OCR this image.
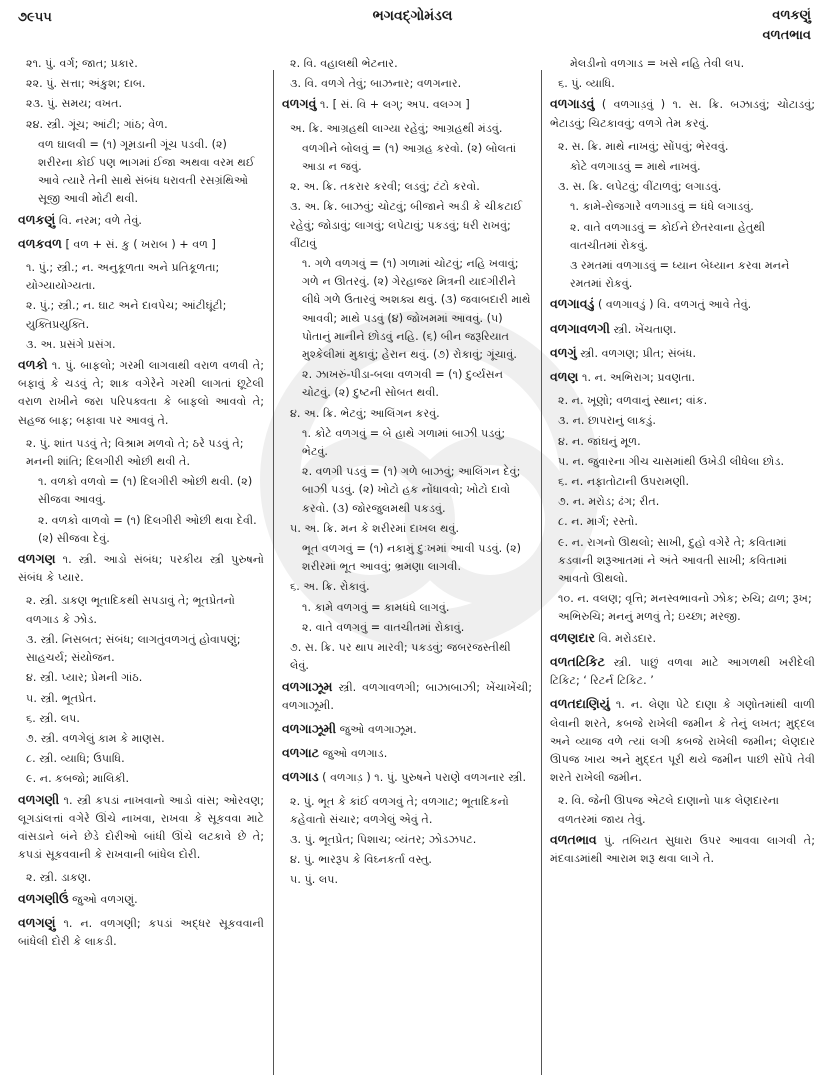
૭૯૫૫	ભગવદ્ગોમંડલ	વળકણું
વળતભાવ

૨૧. પું. વર્ગ; જાત; પ્રકાર.

૨૨. પું. સત્તા; અંકુશ; દાબ.

૨૩. પું. સમય; વખત.

૨૪. સ્ત્રી. ગૂંચ; આંટી; ગાંઠ; વેળ.

વળ ઘાલવી = (૧) ગૂમડાની ગૂંચ પડવી. (૨) શરીરના કોઈ પણ ભાગમાં ઈજા અથવા વરમ થઈ આવે ત્યારે તેની સાથે સંબંધ ધરાવતી રસગ્રંથિઓ સૂજી આવી મોટી થવી.

વળકણું વિ. નરમ; વળે તેવું.

વળકવળ [ વળ + સં. કુ ( ખરાબ ) + વળ ]

૧. પું.; સ્ત્રી.; ન. અનુકૂળતા અને પ્રતિકૂળતા; યોગ્યાયોગ્યતા.

૨. પું.; સ્ત્રી.; ન. ઘાટ અને દાવપેચ; આંટીઘૂંટી; યુક્તિપ્રયુક્તિ.

૩. અ. પ્રસંગે પ્રસંગ.

વળકો ૧. પું. બાફલો; ગરમી લાગવાથી વરાળ વળવી તે; બફાવું કે ચડવું તે; શાક વગેરેને ગરમી લાગતાં છૂટેલી વરાળ રાખીને જરા પરિપક્વતા કે બાફલો આવવો તે; સહજ બાફ; બફાવા પર આવવું તે.

૨. પું. શાંત પડવું તે; વિશ્રામ મળવો તે; ઠરે પડવું તે; મનની શાંતિ; દિલગીરી ઓછી થવી તે.

૧. વળકો વળવો = (૧) દિલગીરી ઓછી થવી. (૨) સીજવા આવવું.

૨. વળકો વાળવો = (૧) દિલગીરી ઓછી થવા દેવી. (૨) સીજવા દેવું.

વળગણ ૧. સ્ત્રી. આડો સંબંધ; પરકીય સ્ત્રી પુરુષનો સંબંધ કે પ્યાર.

૨. સ્ત્રી. ડાકણ ભૂતાદિકથી સપડાવું તે; ભૂતપ્રેતનો વળગાડ કે ઝોડ.

૩. સ્ત્રી. નિસબત; સંબંધ; લાગતુંવળગતું હોવાપણું; સાહચર્ય; સંયોજન.

૪. સ્ત્રી. પ્યાર; પ્રેમની ગાંઠ.

૫. સ્ત્રી. ભૂતપ્રેત.

૬. સ્ત્રી. લપ.

૭. સ્ત્રી. વળગેલું કામ કે માણસ.

૮. સ્ત્રી. વ્યાધિ; ઉપાધિ.

૯. ન. કબજો; માલિકી.

વળગણી ૧. સ્ત્રી કપડાં નાખવાનો આડો વાંસ; ઓરવણ; લૂગડાંલત્તાં વગેરે ઊંચે નાખવા, રાખવા કે સૂકવવા માટે વાંસડાને બંને છેડે દોરીઓ બાંધી ઊંચે લટકાવે છે તે; કપડાં સૂકવવાની કે રાખવાની બાંધેલ દોરી.

૨. સ્ત્રી. ડાકણ.

વળગણીઉં જુઓ વળગણું.

વળગણું ૧. ન. વળગણી; કપડાં અદ્ધર સૂકવવાની બાંધેલી દોરી કે લાકડી.

૨. વિ. વહાલથી ભેટનાર.

૩. વિ. વળગે તેવું; બાઝનાર; વળગનાર.

વળગવું ૧. [ સં. વિ + લગ્; અપ. વલગ્ગ ]

અ. ક્રિ. આગ્રહથી લાગ્યા રહેવું; આગ્રહથી મંડવું.

વળગીને બોલવું = (૧) આગ્રહ કરવો. (૨) બોલતાં આડા ન જવું.

૨. અ. ક્રિ. તકરાર કરવી; લડવું; ટંટો કરવો.

૩. અ. ક્રિ. બાઝવું; ચોટવું; બીજાને અડી કે ચીકટાઈ રહેવું; જોડાવું; લાગવું; લપેટાવું; પકડવું; ધરી રાખવું; વીંટાવું

૧. ગળે વળગવું = (૧) ગળામાં ચોટવું; નહિ ખવાવું; ગળે ન ઊતરવું. (૨) ગેરહાજર મિત્રની યાદગીરીને લીધે ગળે ઉતારવું અશક્ય થવું. (૩) જવાબદારી માથે આવવી; માથે પડવું (૪) જોખમમાં આવવું. (૫) પોતાનું માનીને છોડવું નહિ. (૬) બીન જરૂરિયાત મુશ્કેલીમાં મુકાવું; હેરાન થવું. (૭) રોકાવું; ગૂંચાવું.

૨. ઝાખરું-પીડા-બલા વળગવી = (૧) દુર્વ્યસન ચોટવું. (૨) દુષ્ટની સોબત થવી.

૪. અ. ક્રિ. ભેટવું; આલિંગન કરવું.

૧. કોટે વળગવું = બે હાથે ગળામાં બાઝી પડવું; ભેટવું.

૨. વળગી પડવું = (૧) ગળે બાઝવું; આલિંગન દેવું; બાઝી પડવું. (૨) ખોટો હક નોંધાવવો; ખોટો દાવો કરવો. (૩) જોરજુલમથી પકડવું.

૫. અ. ક્રિ. મન કે શરીરમાં દાખલ થવું.

ભૂત વળગવું = (૧) નકામું દુઃખમાં આવી પડવું. (૨) શરીરમાં ભૂત આવવું; ભ્રમણા લાગવી.

૬. અ. ક્રિ. રોકાવું.

૧. કામે વળગવું = કામધંધે લાગવું.

૨. વાતે વળગવું = વાતચીતમાં રોકાવું.

૭. સ. ક્રિ. પર થાપ મારવી; પકડવું; જબરજસ્તીથી લેવું.

વળગાઝૂમ સ્ત્રી. વળગાવળગી; બાઝાબાઝી; ખેંચાખેંચી; વળગાઝૂમી.

વળગાઝૂમી જુઓ વળગાઝૂમ.

વળગાટ જુઓ વળગાડ.

વળગાડ ( વળગાડ઼ ) ૧. પું. પુરુષને પરાણે વળગનાર સ્ત્રી.

૨. પું. ભૂત કે કાંઈ વળગવું તે; વળગાટ; ભૂતાદિકનો કહેવાતો સંચાર; વળગેલું એવું તે.

૩. પું. ભૂતપ્રેત; પિશાચ; વ્યંતર; ઝોડઝપટ.

૪. પું. ભારરૂપ કે વિઘ્નકર્તા વસ્તુ.

૫. પું. લપ.

મેલડીનો વળગાડ = ખસે નહિ તેવી લપ.

૬. પું. વ્યાધિ.

વળગાડવું ( વળગાડ઼વું ) ૧. સ. ક્રિ. બઝાડવું; ચોટાડવું; ભેટાડવું; ચિટકાવવું; વળગે તેમ કરવું.

૨. સ. ક્રિ. માથે નાખવું; સોંપવું; ભેરવવું.

કોટે વળગાડવું = માથે નાખવું.

૩. સ. ક્રિ. લપેટવું; વીંટાળવું; લગાડવું.

૧. કામે-રોજગારે વળગાડવું = ધંધે લગાડવું.

૨. વાતે વળગાડવું = કોઈને છેતરવાના હેતુથી વાતચીતમાં રોકવું.

૩ રમતમાં વળગાડવું = ધ્યાન બેધ્યાન કરવા મનને રમતમાં રોકવું.

વળગાવડું ( વળગાવડું ) વિ. વળગતું આવે તેવું.

વળગાવળગી સ્ત્રી. ખેંચતાણ.

વળગું સ્ત્રી. વળગણ; પ્રીત; સંબંધ.

વળણ ૧. ન. અભિરાગ; પ્રવણતા.

૨. ન. ખૂણો; વળવાનું સ્થાન; વાંક.

૩. ન. છાપરાનું લાકડું.

૪. ન. જાંઘનું મૂળ.

૫. ન. જુવારના ગીચ ચાસમાંથી ઉખેડી લીધેલા છોડ.

૬. ન. નફાતોટાની ઉપરામણી.

૭. ન. મરોડ; ઢંગ; રીત.

૮. ન. માર્ગ; રસ્તો.

૯. ન. રાગનો ઊથલો; સાખી, દુહો વગેરે તે; કવિતામાં કડવાની શરૂઆતમાં ને અંતે આવતી સાખી; કવિતામાં આવતો ઊથલો.

૧૦. ન. વલણ; વૃત્તિ; મનસ્વભાવનો ઝોક; રુચિ; ઢાળ; રૂખ; અભિરુચિ; મનનું મળવું તે; ઇચ્છા; મરજી.

વળણદાર વિ. મરોડદાર.

વળતટિકિટ સ્ત્રી. પાછું વળવા માટે આગળથી ખરીદેલી ટિકિટ; ‘ રિટર્ન ટિકિટ. ’

વળતદાણિયું ૧. ન. લેણા પેટે દાણા કે ગણોતમાંથી વાળી લેવાની શરતે, કબજે રાખેલી જમીન કે તેનું લખત; મુદ્દલ અને વ્યાજ વળે ત્યાં લગી કબજે રાખેલી જમીન; લેણદાર ઊપજ ખાય અને મુદ્દત પૂરી થયે જમીન પાછી સોંપે તેવી શરતે રાખેલી જમીન.

૨. વિ. જેની ઊપજ એટલે દાણાનો પાક લેણદારના વળતરમાં જાય તેવું.

વળતભાવ પું. તબિયત સુધારા ઉપર આવવા લાગવી તે; મંદવાડમાંથી આરામ શરૂ થવા લાગે તે.
